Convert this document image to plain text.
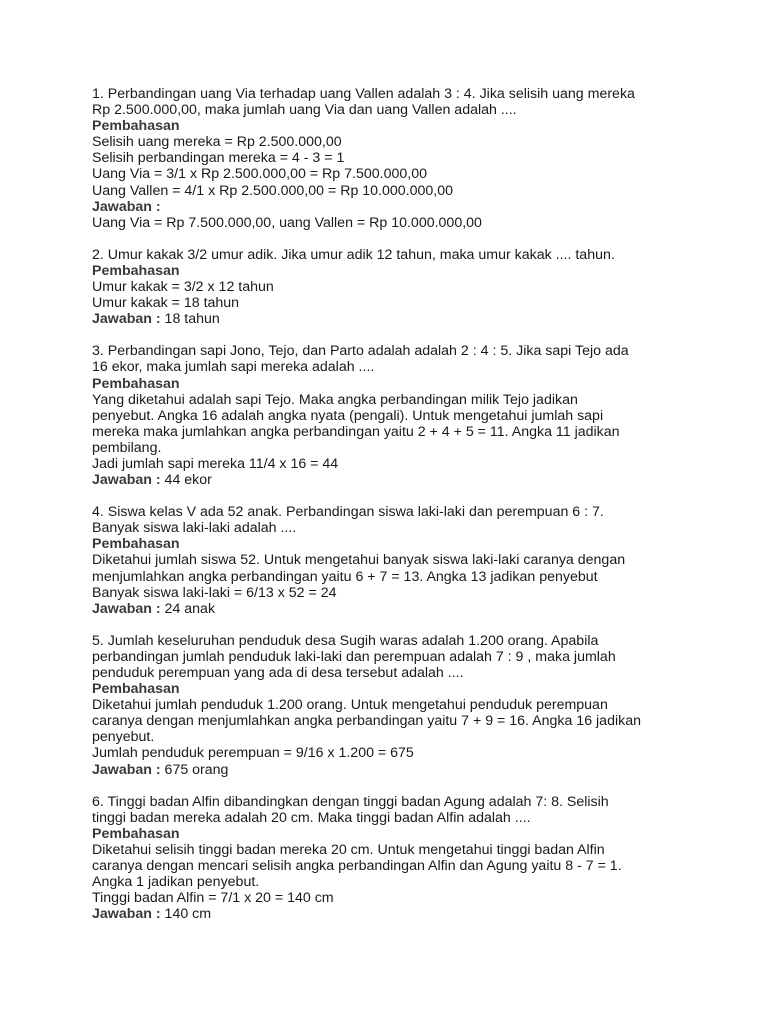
1. Perbandingan uang Via terhadap uang Vallen adalah 3 : 4. Jika selisih uang mereka
Rp 2.500.000,00, maka jumlah uang Via dan uang Vallen adalah ....
Pembahasan
Selisih uang mereka = Rp 2.500.000,00
Selisih perbandingan mereka = 4 - 3 = 1
Uang Via = 3/1 x Rp 2.500.000,00 = Rp 7.500.000,00
Uang Vallen = 4/1 x Rp 2.500.000,00 = Rp 10.000.000,00
Jawaban :
Uang Via = Rp 7.500.000,00, uang Vallen = Rp 10.000.000,00
2. Umur kakak 3/2 umur adik. Jika umur adik 12 tahun, maka umur kakak .... tahun.
Pembahasan
Umur kakak = 3/2 x 12 tahun
Umur kakak = 18 tahun
Jawaban : 18 tahun
3. Perbandingan sapi Jono, Tejo, dan Parto adalah adalah 2 : 4 : 5. Jika sapi Tejo ada
16 ekor, maka jumlah sapi mereka adalah ....
Pembahasan
Yang diketahui adalah sapi Tejo. Maka angka perbandingan milik Tejo jadikan
penyebut. Angka 16 adalah angka nyata (pengali). Untuk mengetahui jumlah sapi
mereka maka jumlahkan angka perbandingan yaitu 2 + 4 + 5 = 11. Angka 11 jadikan
pembilang.
Jadi jumlah sapi mereka 11/4 x 16 = 44
Jawaban : 44 ekor
4. Siswa kelas V ada 52 anak. Perbandingan siswa laki-laki dan perempuan 6 : 7.
Banyak siswa laki-laki adalah ....
Pembahasan
Diketahui jumlah siswa 52. Untuk mengetahui banyak siswa laki-laki caranya dengan
menjumlahkan angka perbandingan yaitu 6 + 7 = 13. Angka 13 jadikan penyebut
Banyak siswa laki-laki = 6/13 x 52 = 24
Jawaban : 24 anak
5. Jumlah keseluruhan penduduk desa Sugih waras adalah 1.200 orang. Apabila
perbandingan jumlah penduduk laki-laki dan perempuan adalah 7 : 9 , maka jumlah
penduduk perempuan yang ada di desa tersebut adalah ....
Pembahasan
Diketahui jumlah penduduk 1.200 orang. Untuk mengetahui penduduk perempuan
caranya dengan menjumlahkan angka perbandingan yaitu 7 + 9 = 16. Angka 16 jadikan
penyebut.
Jumlah penduduk perempuan = 9/16 x 1.200 = 675
Jawaban : 675 orang
6. Tinggi badan Alfin dibandingkan dengan tinggi badan Agung adalah 7: 8. Selisih
tinggi badan mereka adalah 20 cm. Maka tinggi badan Alfin adalah ....
Pembahasan
Diketahui selisih tinggi badan mereka 20 cm. Untuk mengetahui tinggi badan Alfin
caranya dengan mencari selisih angka perbandingan Alfin dan Agung yaitu 8 - 7 = 1.
Angka 1 jadikan penyebut.
Tinggi badan Alfin = 7/1 x 20 = 140 cm
Jawaban : 140 cm
